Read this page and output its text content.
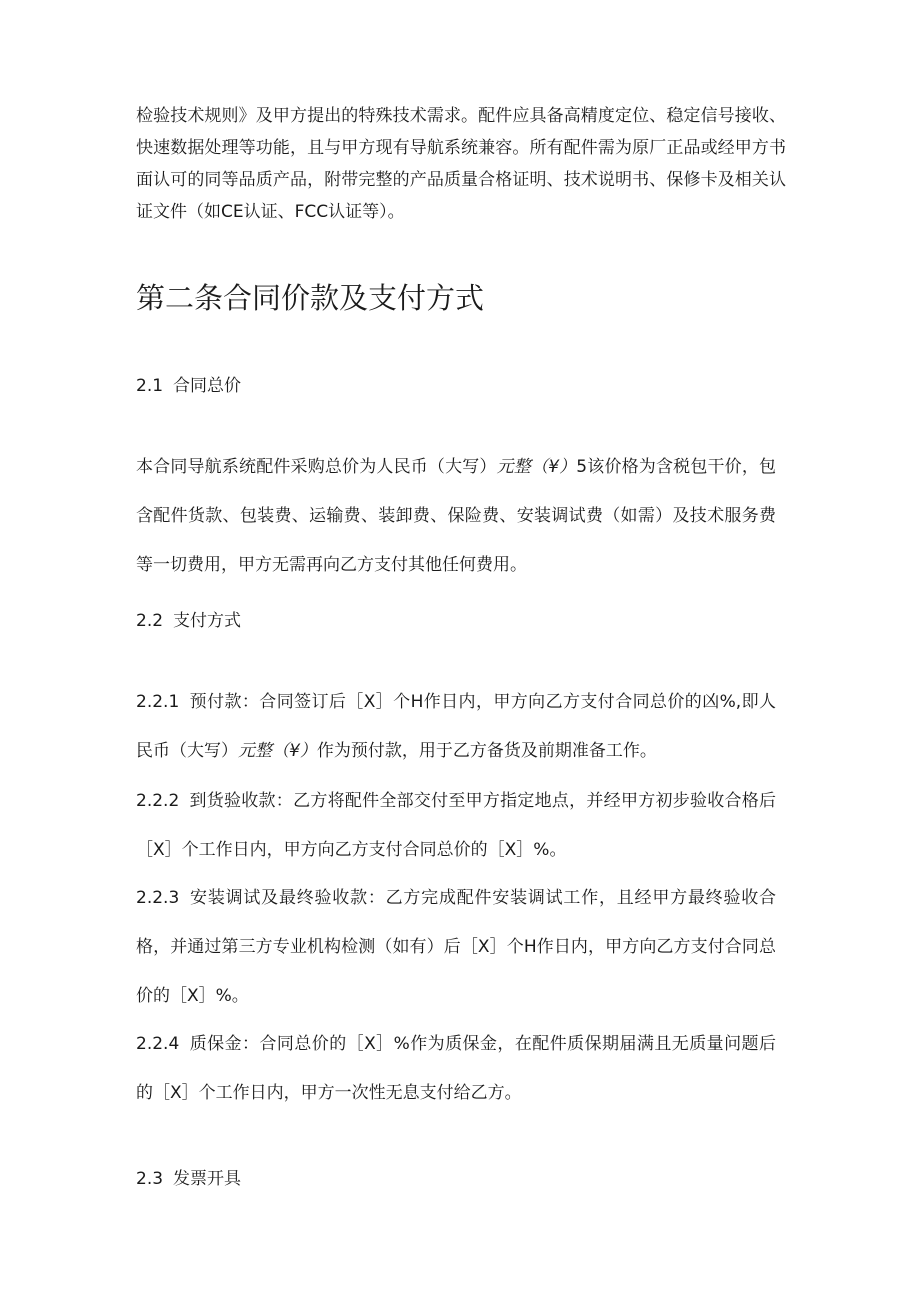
检验技术规则》及甲方提出的特殊技术需求。配件应具备高精度定位、稳定信号接收、快速数据处理等功能，且与甲方现有导航系统兼容。所有配件需为原厂正品或经甲方书面认可的同等品质产品，附带完整的产品质量合格证明、技术说明书、保修卡及相关认证文件（如CE认证、FCC认证等）。

第二条合同价款及支付方式
2.1 合同总价

本合同导航系统配件采购总价为人民币（大写）元整（¥）5该价格为含税包干价，包含配件货款、包装费、运输费、装卸费、保险费、安装调试费（如需）及技术服务费等一切费用，甲方无需再向乙方支付其他任何费用。

2.2 支付方式

2.2.1 预付款：合同签订后［X］个H作日内，甲方向乙方支付合同总价的凶%,即人民币（大写）元整（¥）作为预付款，用于乙方备货及前期准备工作。

2.2.2 到货验收款：乙方将配件全部交付至甲方指定地点，并经甲方初步验收合格后［X］个工作日内，甲方向乙方支付合同总价的［X］%。

2.2.3 安装调试及最终验收款：乙方完成配件安装调试工作，且经甲方最终验收合格，并通过第三方专业机构检测（如有）后［X］个H作日内，甲方向乙方支付合同总价的［X］%。

2.2.4 质保金：合同总价的［X］%作为质保金，在配件质保期届满且无质量问题后的［X］个工作日内，甲方一次性无息支付给乙方。

2.3 发票开具
